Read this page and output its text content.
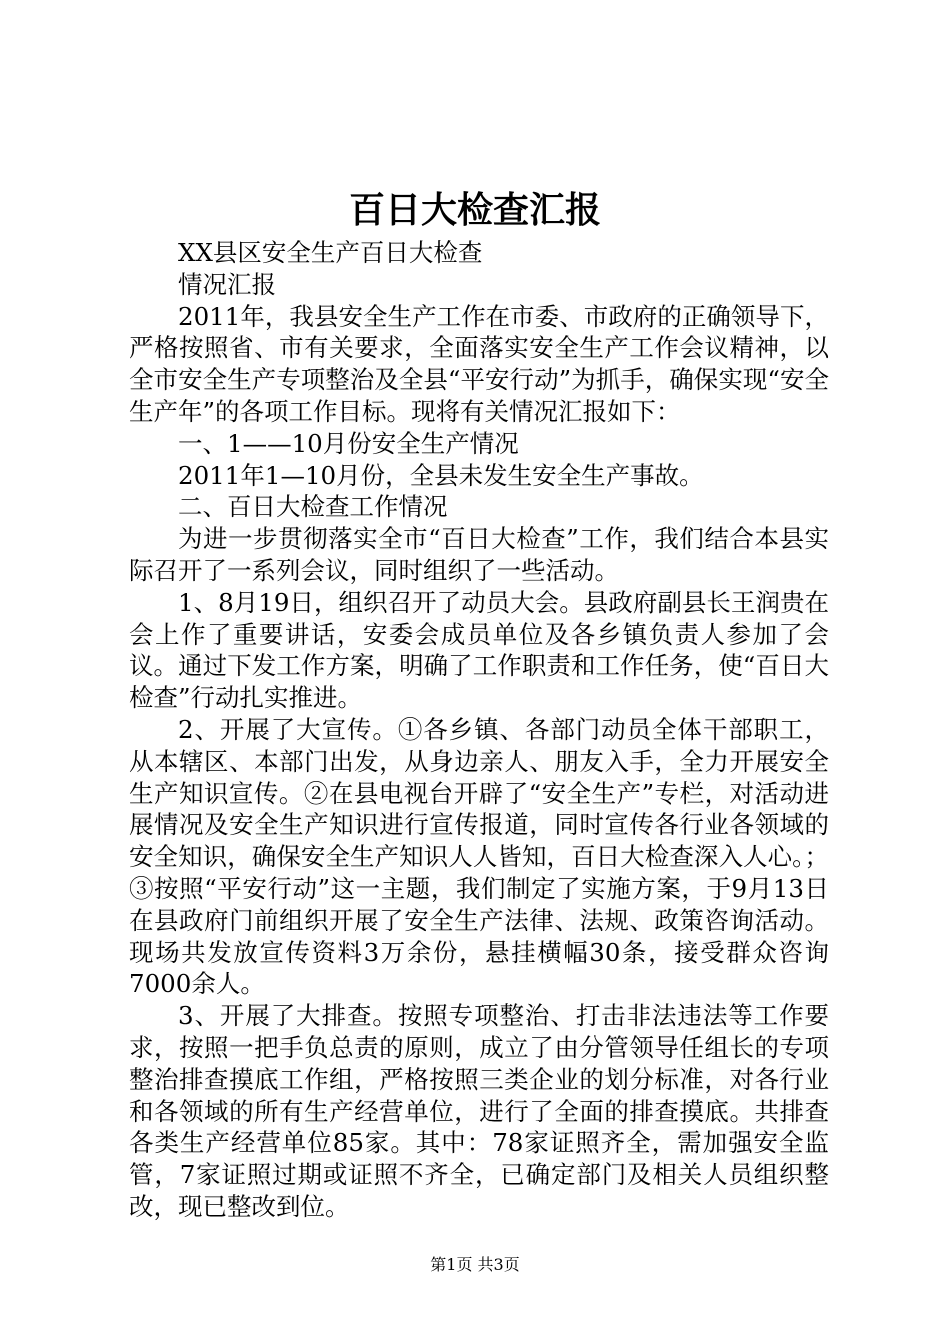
百日大检查汇报

XX县区安全生产百日大检查

情况汇报

2011年，我县安全生产工作在市委、市政府的正确领导下，严格按照省、市有关要求，全面落实安全生产工作会议精神，以全市安全生产专项整治及全县“平安行动”为抓手，确保实现“安全生产年”的各项工作目标。现将有关情况汇报如下：

一、1——10月份安全生产情况

2011年1—10月份，全县未发生安全生产事故。

二、百日大检查工作情况

为进一步贯彻落实全市“百日大检查”工作，我们结合本县实际召开了一系列会议，同时组织了一些活动。

1、8月19日，组织召开了动员大会。县政府副县长王润贵在会上作了重要讲话，安委会成员单位及各乡镇负责人参加了会议。通过下发工作方案，明确了工作职责和工作任务，使“百日大检查”行动扎实推进。

2、开展了大宣传。①各乡镇、各部门动员全体干部职工，从本辖区、本部门出发，从身边亲人、朋友入手，全力开展安全生产知识宣传。②在县电视台开辟了“安全生产”专栏，对活动进展情况及安全生产知识进行宣传报道，同时宣传各行业各领域的安全知识，确保安全生产知识人人皆知，百日大检查深入人心。；③按照“平安行动”这一主题，我们制定了实施方案，于9月13日在县政府门前组织开展了安全生产法律、法规、政策咨询活动。现场共发放宣传资料3万余份，悬挂横幅30条，接受群众咨询7000余人。

3、开展了大排查。按照专项整治、打击非法违法等工作要求，按照一把手负总责的原则，成立了由分管领导任组长的专项整治排查摸底工作组，严格按照三类企业的划分标准，对各行业和各领域的所有生产经营单位，进行了全面的排查摸底。共排查各类生产经营单位85家。其中：78家证照齐全，需加强安全监管，7家证照过期或证照不齐全，已确定部门及相关人员组织整改，现已整改到位。

第1页 共3页
